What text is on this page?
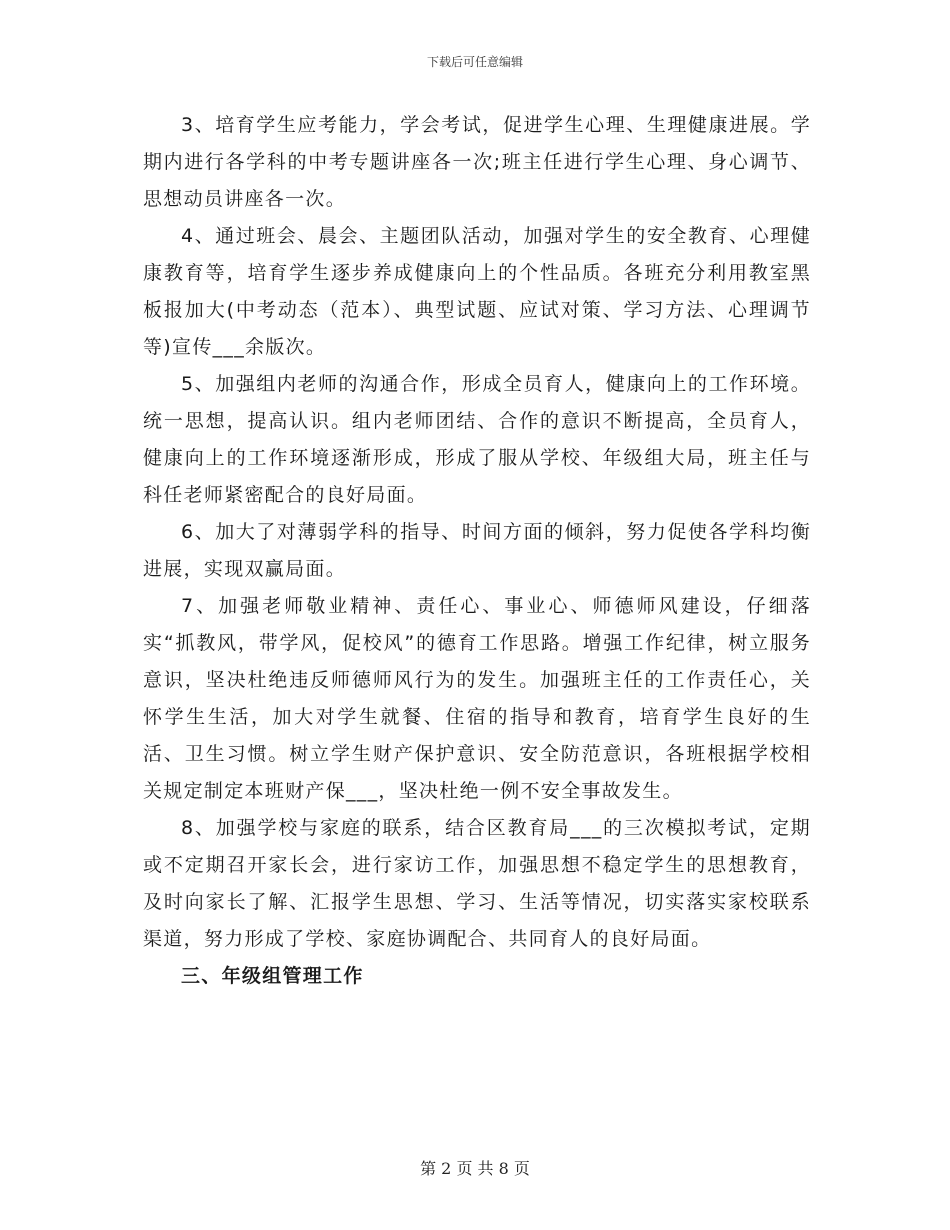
下载后可任意编辑

3、培育学生应考能力，学会考试，促进学生心理、生理健康进展。学期内进行各学科的中考专题讲座各一次;班主任进行学生心理、身心调节、思想动员讲座各一次。

4、通过班会、晨会、主题团队活动，加强对学生的安全教育、心理健康教育等，培育学生逐步养成健康向上的个性品质。各班充分利用教室黑板报加大(中考动态（范本）、典型试题、应试对策、学习方法、心理调节等)宣传___余版次。

5、加强组内老师的沟通合作，形成全员育人，健康向上的工作环境。统一思想，提高认识。组内老师团结、合作的意识不断提高，全员育人，健康向上的工作环境逐渐形成，形成了服从学校、年级组大局，班主任与科任老师紧密配合的良好局面。

6、加大了对薄弱学科的指导、时间方面的倾斜，努力促使各学科均衡进展，实现双赢局面。

7、加强老师敬业精神、责任心、事业心、师德师风建设，仔细落实“抓教风，带学风，促校风”的德育工作思路。增强工作纪律，树立服务意识，坚决杜绝违反师德师风行为的发生。加强班主任的工作责任心，关怀学生生活，加大对学生就餐、住宿的指导和教育，培育学生良好的生活、卫生习惯。树立学生财产保护意识、安全防范意识，各班根据学校相关规定制定本班财产保___，坚决杜绝一例不安全事故发生。

8、加强学校与家庭的联系，结合区教育局___的三次模拟考试，定期或不定期召开家长会，进行家访工作，加强思想不稳定学生的思想教育，及时向家长了解、汇报学生思想、学习、生活等情况，切实落实家校联系渠道，努力形成了学校、家庭协调配合、共同育人的良好局面。

三、年级组管理工作

第 2 页 共 8 页
